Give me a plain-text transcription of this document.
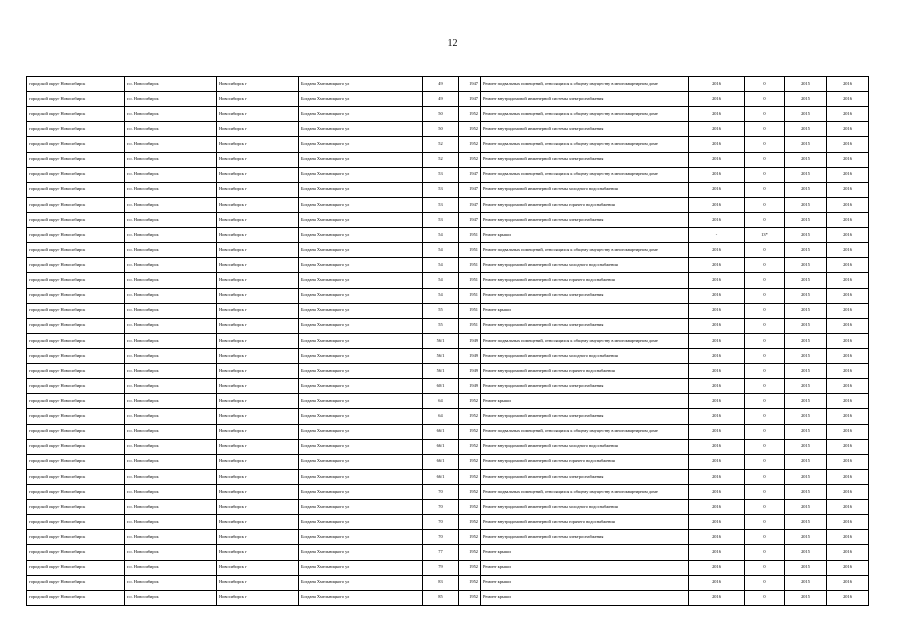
12
городской округ Новосибирск	г.о. Новосибирск	Новосибирск г	Богдана Хмельницкого ул	49	1947	Ремонт подвальных помещений, относящихся к общему имуществу в многоквартирном доме	2016	0	2015	2016
городской округ Новосибирск	г.о. Новосибирск	Новосибирск г	Богдана Хмельницкого ул	49	1947	Ремонт внутридомовой инженерной системы электроснабжения	2016	0	2015	2016
городской округ Новосибирск	г.о. Новосибирск	Новосибирск г	Богдана Хмельницкого ул	50	1952	Ремонт подвальных помещений, относящихся к общему имуществу в многоквартирном доме	2016	0	2015	2016
городской округ Новосибирск	г.о. Новосибирск	Новосибирск г	Богдана Хмельницкого ул	50	1952	Ремонт внутридомовой инженерной системы электроснабжения	2016	0	2015	2016
городской округ Новосибирск	г.о. Новосибирск	Новосибирск г	Богдана Хмельницкого ул	52	1952	Ремонт подвальных помещений, относящихся к общему имуществу в многоквартирном доме	2016	0	2015	2016
городской округ Новосибирск	г.о. Новосибирск	Новосибирск г	Богдана Хмельницкого ул	52	1952	Ремонт внутридомовой инженерной системы электроснабжения	2016	0	2015	2016
городской округ Новосибирск	г.о. Новосибирск	Новосибирск г	Богдана Хмельницкого ул	53	1947	Ремонт подвальных помещений, относящихся к общему имуществу в многоквартирном доме	2016	0	2015	2016
городской округ Новосибирск	г.о. Новосибирск	Новосибирск г	Богдана Хмельницкого ул	53	1947	Ремонт внутридомовой инженерной системы холодного водоснабжения	2016	0	2015	2016
городской округ Новосибирск	г.о. Новосибирск	Новосибирск г	Богдана Хмельницкого ул	53	1947	Ремонт внутридомовой инженерной системы горячего водоснабжения	2016	0	2015	2016
городской округ Новосибирск	г.о. Новосибирск	Новосибирск г	Богдана Хмельницкого ул	53	1947	Ремонт внутридомовой инженерной системы электроснабжения	2016	0	2015	2016
городской округ Новосибирск	г.о. Новосибирск	Новосибирск г	Богдана Хмельницкого ул	54	1951	Ремонт крыши	-	13*	2015	2016
городской округ Новосибирск	г.о. Новосибирск	Новосибирск г	Богдана Хмельницкого ул	54	1951	Ремонт подвальных помещений, относящихся к общему имуществу в многоквартирном доме	2016	0	2015	2016
городской округ Новосибирск	г.о. Новосибирск	Новосибирск г	Богдана Хмельницкого ул	54	1951	Ремонт внутридомовой инженерной системы холодного водоснабжения	2016	0	2015	2016
городской округ Новосибирск	г.о. Новосибирск	Новосибирск г	Богдана Хмельницкого ул	54	1951	Ремонт внутридомовой инженерной системы горячего водоснабжения	2016	0	2015	2016
городской округ Новосибирск	г.о. Новосибирск	Новосибирск г	Богдана Хмельницкого ул	54	1951	Ремонт внутридомовой инженерной системы электроснабжения	2016	0	2015	2016
городской округ Новосибирск	г.о. Новосибирск	Новосибирск г	Богдана Хмельницкого ул	55	1951	Ремонт крыши	2016	0	2015	2016
городской округ Новосибирск	г.о. Новосибирск	Новосибирск г	Богдана Хмельницкого ул	55	1951	Ремонт внутридомовой инженерной системы электроснабжения	2016	0	2015	2016
городской округ Новосибирск	г.о. Новосибирск	Новосибирск г	Богдана Хмельницкого ул	56/1	1949	Ремонт подвальных помещений, относящихся к общему имуществу в многоквартирном доме	2016	0	2015	2016
городской округ Новосибирск	г.о. Новосибирск	Новосибирск г	Богдана Хмельницкого ул	56/1	1949	Ремонт внутридомовой инженерной системы холодного водоснабжения	2016	0	2015	2016
городской округ Новосибирск	г.о. Новосибирск	Новосибирск г	Богдана Хмельницкого ул	56/1	1949	Ремонт внутридомовой инженерной системы горячего водоснабжения	2016	0	2015	2016
городской округ Новосибирск	г.о. Новосибирск	Новосибирск г	Богдана Хмельницкого ул	60/1	1949	Ремонт внутридомовой инженерной системы электроснабжения	2016	0	2015	2016
городской округ Новосибирск	г.о. Новосибирск	Новосибирск г	Богдана Хмельницкого ул	64	1952	Ремонт крыши	2016	0	2015	2016
городской округ Новосибирск	г.о. Новосибирск	Новосибирск г	Богдана Хмельницкого ул	64	1952	Ремонт внутридомовой инженерной системы электроснабжения	2016	0	2015	2016
городской округ Новосибирск	г.о. Новосибирск	Новосибирск г	Богдана Хмельницкого ул	66/1	1952	Ремонт подвальных помещений, относящихся к общему имуществу в многоквартирном доме	2016	0	2015	2016
городской округ Новосибирск	г.о. Новосибирск	Новосибирск г	Богдана Хмельницкого ул	66/1	1952	Ремонт внутридомовой инженерной системы холодного водоснабжения	2016	0	2015	2016
городской округ Новосибирск	г.о. Новосибирск	Новосибирск г	Богдана Хмельницкого ул	66/1	1952	Ремонт внутридомовой инженерной системы горячего водоснабжения	2016	0	2015	2016
городской округ Новосибирск	г.о. Новосибирск	Новосибирск г	Богдана Хмельницкого ул	66/1	1952	Ремонт внутридомовой инженерной системы электроснабжения	2016	0	2015	2016
городской округ Новосибирск	г.о. Новосибирск	Новосибирск г	Богдана Хмельницкого ул	70	1952	Ремонт подвальных помещений, относящихся к общему имуществу в многоквартирном доме	2016	0	2015	2016
городской округ Новосибирск	г.о. Новосибирск	Новосибирск г	Богдана Хмельницкого ул	70	1952	Ремонт внутридомовой инженерной системы холодного водоснабжения	2016	0	2015	2016
городской округ Новосибирск	г.о. Новосибирск	Новосибирск г	Богдана Хмельницкого ул	70	1952	Ремонт внутридомовой инженерной системы горячего водоснабжения	2016	0	2015	2016
городской округ Новосибирск	г.о. Новосибирск	Новосибирск г	Богдана Хмельницкого ул	70	1952	Ремонт внутридомовой инженерной системы электроснабжения	2016	0	2015	2016
городской округ Новосибирск	г.о. Новосибирск	Новосибирск г	Богдана Хмельницкого ул	77	1952	Ремонт крыши	2016	0	2015	2016
городской округ Новосибирск	г.о. Новосибирск	Новосибирск г	Богдана Хмельницкого ул	79	1952	Ремонт крыши	2016	0	2015	2016
городской округ Новосибирск	г.о. Новосибирск	Новосибирск г	Богдана Хмельницкого ул	83	1952	Ремонт крыши	2016	0	2015	2016
городской округ Новосибирск	г.о. Новосибирск	Новосибирск г	Богдана Хмельницкого ул	85	1952	Ремонт крыши	2016	0	2015	2016
